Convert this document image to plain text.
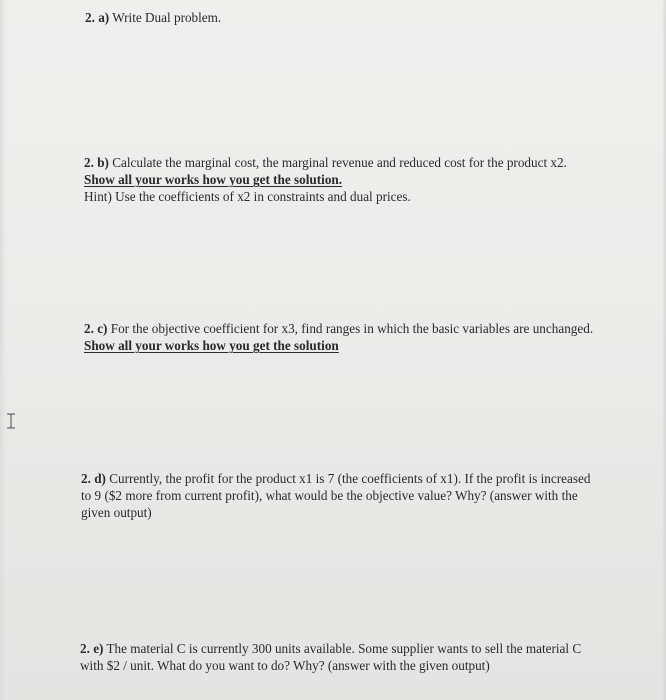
2. a) Write Dual problem.

2. b) Calculate the marginal cost, the marginal revenue and reduced cost for the product x2.

Show all your works how you get the solution.

Hint) Use the coefficients of x2 in constraints and dual prices.

2. c) For the objective coefficient for x3, find ranges in which the basic variables are unchanged.

Show all your works how you get the solution

2. d) Currently, the profit for the product x1 is 7 (the coefficients of x1). If the profit is increased

to 9 ($2 more from current profit), what would be the objective value? Why? (answer with the

given output)

2. e) The material C is currently 300 units available. Some supplier wants to sell the material C

with $2 / unit. What do you want to do? Why? (answer with the given output)
